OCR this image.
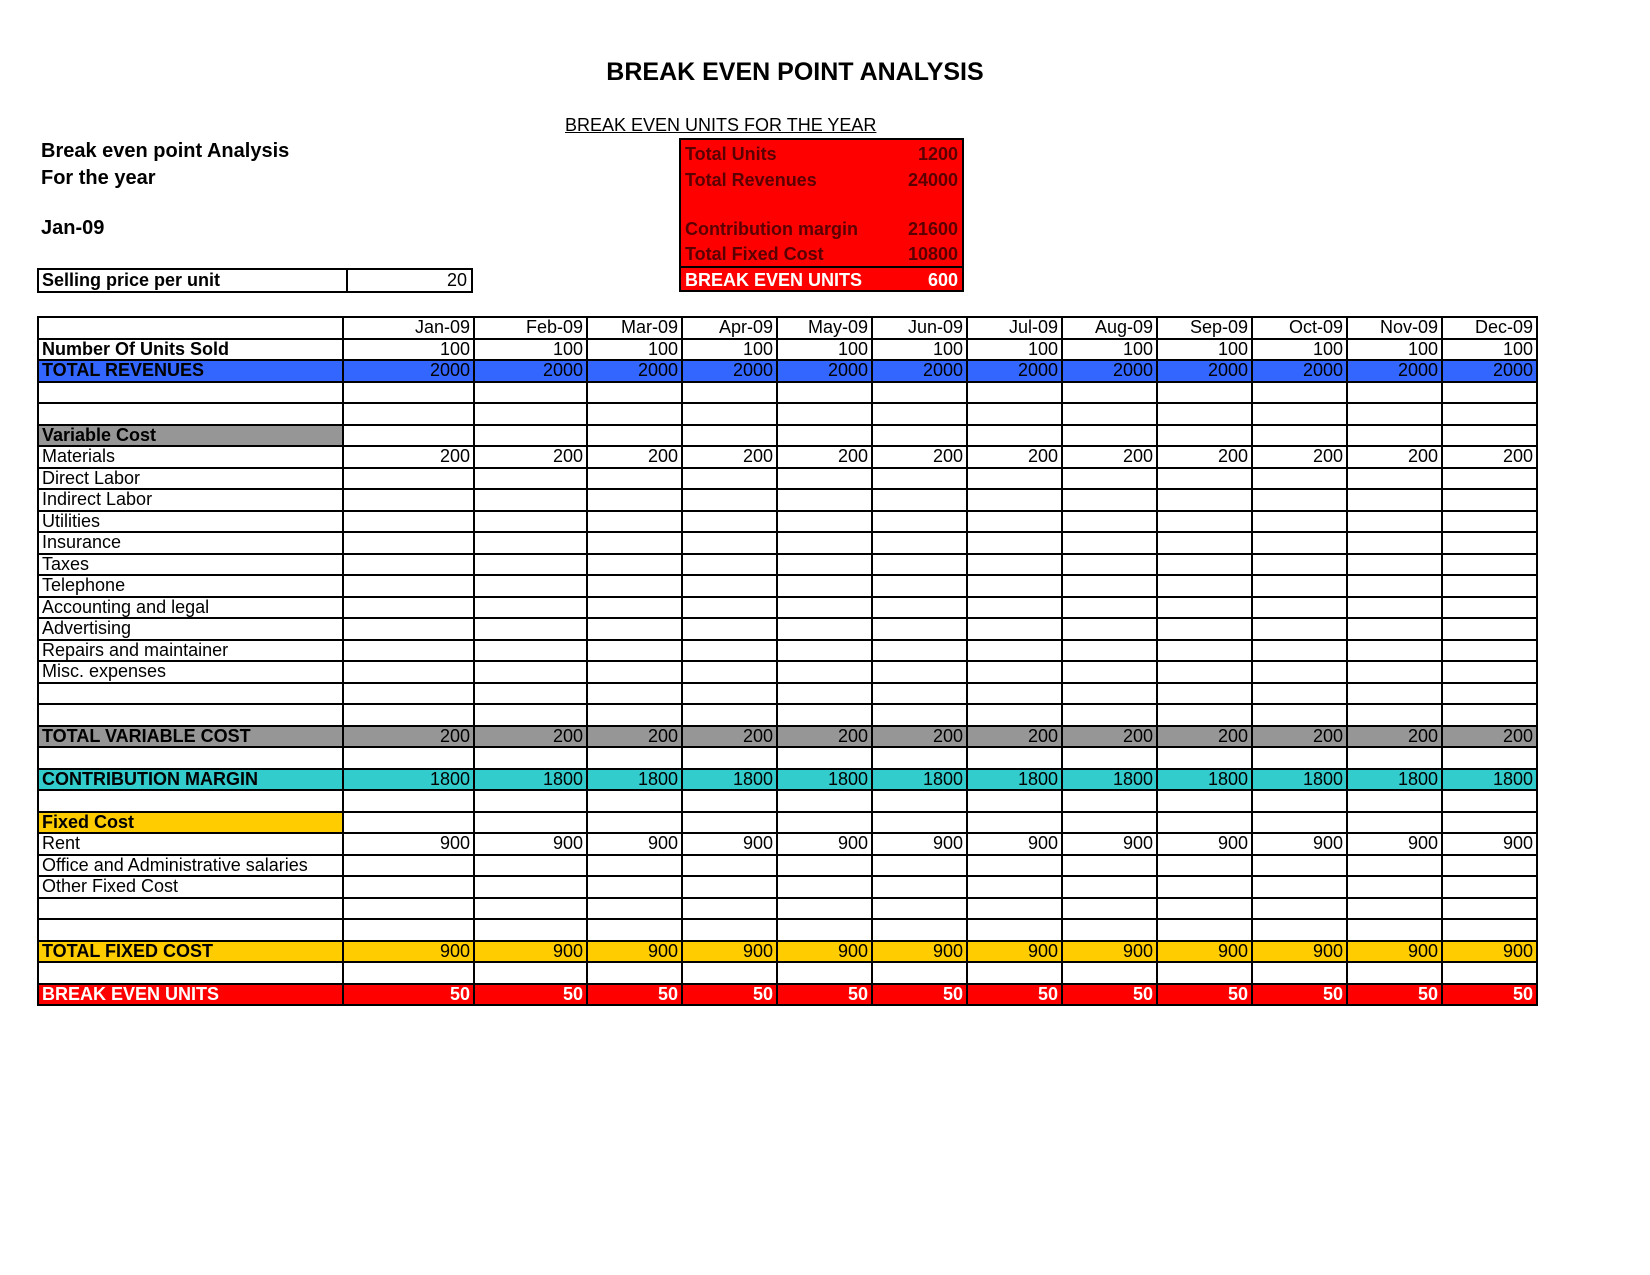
BREAK EVEN POINT ANALYSIS
Break even point Analysis
For the year
Jan-09
BREAK EVEN UNITS FOR THE YEAR
Total Units	1200
Total Revenues	24000
Contribution margin	21600
Total Fixed Cost	10800
BREAK EVEN UNITS	600
Selling price per unit	20
	Jan-09	Feb-09	Mar-09	Apr-09	May-09	Jun-09	Jul-09	Aug-09	Sep-09	Oct-09	Nov-09	Dec-09
Number Of Units Sold	100	100	100	100	100	100	100	100	100	100	100	100
TOTAL REVENUES	2000	2000	2000	2000	2000	2000	2000	2000	2000	2000	2000	2000

Variable Cost												
Materials	200	200	200	200	200	200	200	200	200	200	200	200
Direct Labor												
Indirect Labor												
Utilities												
Insurance												
Taxes												
Telephone												
Accounting and legal												
Advertising												
Repairs and maintainer												
Misc. expenses												

TOTAL VARIABLE COST	200	200	200	200	200	200	200	200	200	200	200	200

CONTRIBUTION MARGIN	1800	1800	1800	1800	1800	1800	1800	1800	1800	1800	1800	1800

Fixed Cost												
Rent	900	900	900	900	900	900	900	900	900	900	900	900
Office and Administrative salaries												
Other Fixed Cost												

TOTAL FIXED COST	900	900	900	900	900	900	900	900	900	900	900	900

BREAK EVEN UNITS	50	50	50	50	50	50	50	50	50	50	50	50
